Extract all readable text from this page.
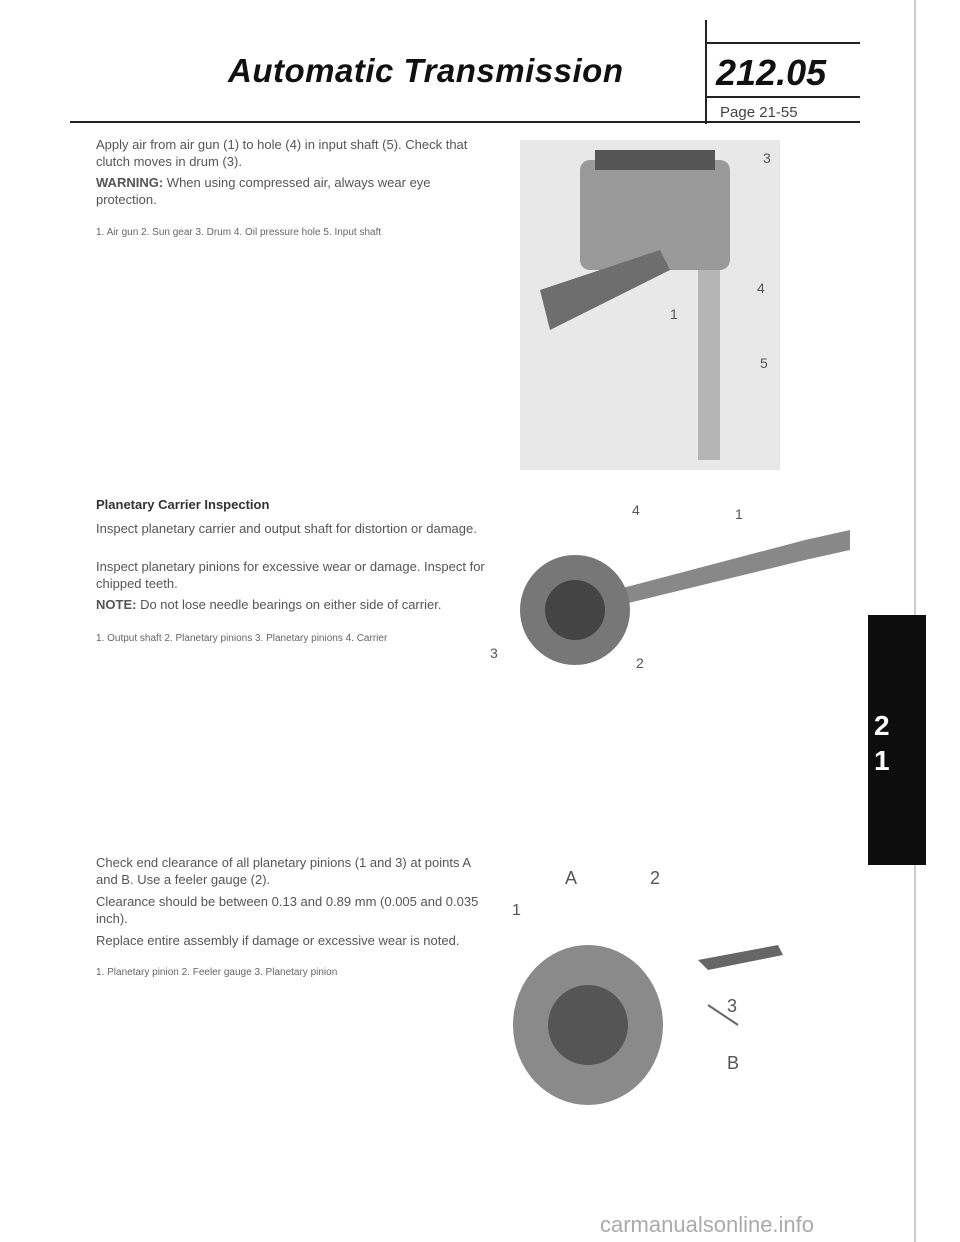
Automatic Transmission	212.05
Page 21-55
Apply air from air gun (1) to hole (4) in input shaft (5). Check that clutch moves in drum (3).
WARNING: When using compressed air, always wear eye protection.
1. Air gun 2. Sun gear 3. Drum 4. Oil pressure hole 5. Input shaft
2	3
4
1
5
Planetary Carrier Inspection
Inspect planetary carrier and output shaft for distortion or damage.
Inspect planetary pinions for excessive wear or damage. Inspect for chipped teeth.
NOTE: Do not lose needle bearings on either side of carrier.
1. Output shaft 2. Planetary pinions 3. Planetary pinions 4. Carrier
4	1
3
2
Check end clearance of all planetary pinions (1 and 3) at points A and B. Use a feeler gauge (2).
Clearance should be between 0.13 and 0.89 mm (0.005 and 0.035 inch).
Replace entire assembly if damage or excessive wear is noted.
1. Planetary pinion 2. Feeler gauge 3. Planetary pinion
A	2
1
3
B
2
1
carmanualsonline.info
